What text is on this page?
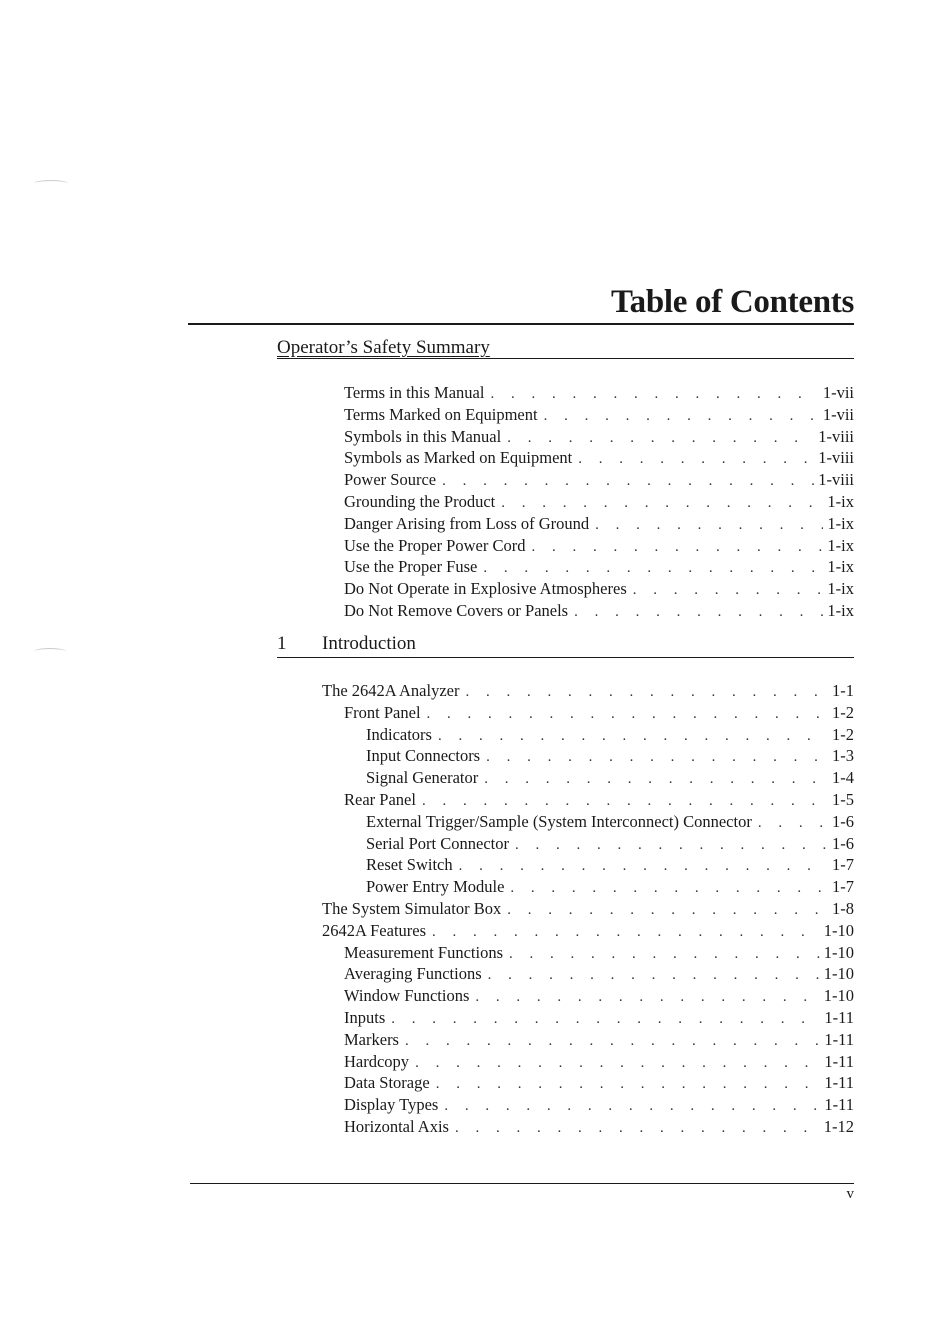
Table of Contents
Operator’s Safety Summary
Terms in this Manual . . .	1-vii
Terms Marked on Equipment . . .	1-vii
Symbols in this Manual . . .	1-viii
Symbols as Marked on Equipment . . .	1-viii
Power Source . . .	1-viii
Grounding the Product . . .	1-ix
Danger Arising from Loss of Ground . . .	1-ix
Use the Proper Power Cord . . .	1-ix
Use the Proper Fuse . . .	1-ix
Do Not Operate in Explosive Atmospheres . . .	1-ix
Do Not Remove Covers or Panels . . .	1-ix
1 Introduction
The 2642A Analyzer . . .	1-1
Front Panel . . .	1-2
Indicators . . .	1-2
Input Connectors . . .	1-3
Signal Generator . . .	1-4
Rear Panel . . .	1-5
External Trigger/Sample (System Interconnect) Connector . . .	1-6
Serial Port Connector . . .	1-6
Reset Switch . . .	1-7
Power Entry Module . . .	1-7
The System Simulator Box . . .	1-8
2642A Features . . .	1-10
Measurement Functions . . .	1-10
Averaging Functions . . .	1-10
Window Functions . . .	1-10
Inputs . . .	1-11
Markers . . .	1-11
Hardcopy . . .	1-11
Data Storage . . .	1-11
Display Types . . .	1-11
Horizontal Axis . . .	1-12
v
